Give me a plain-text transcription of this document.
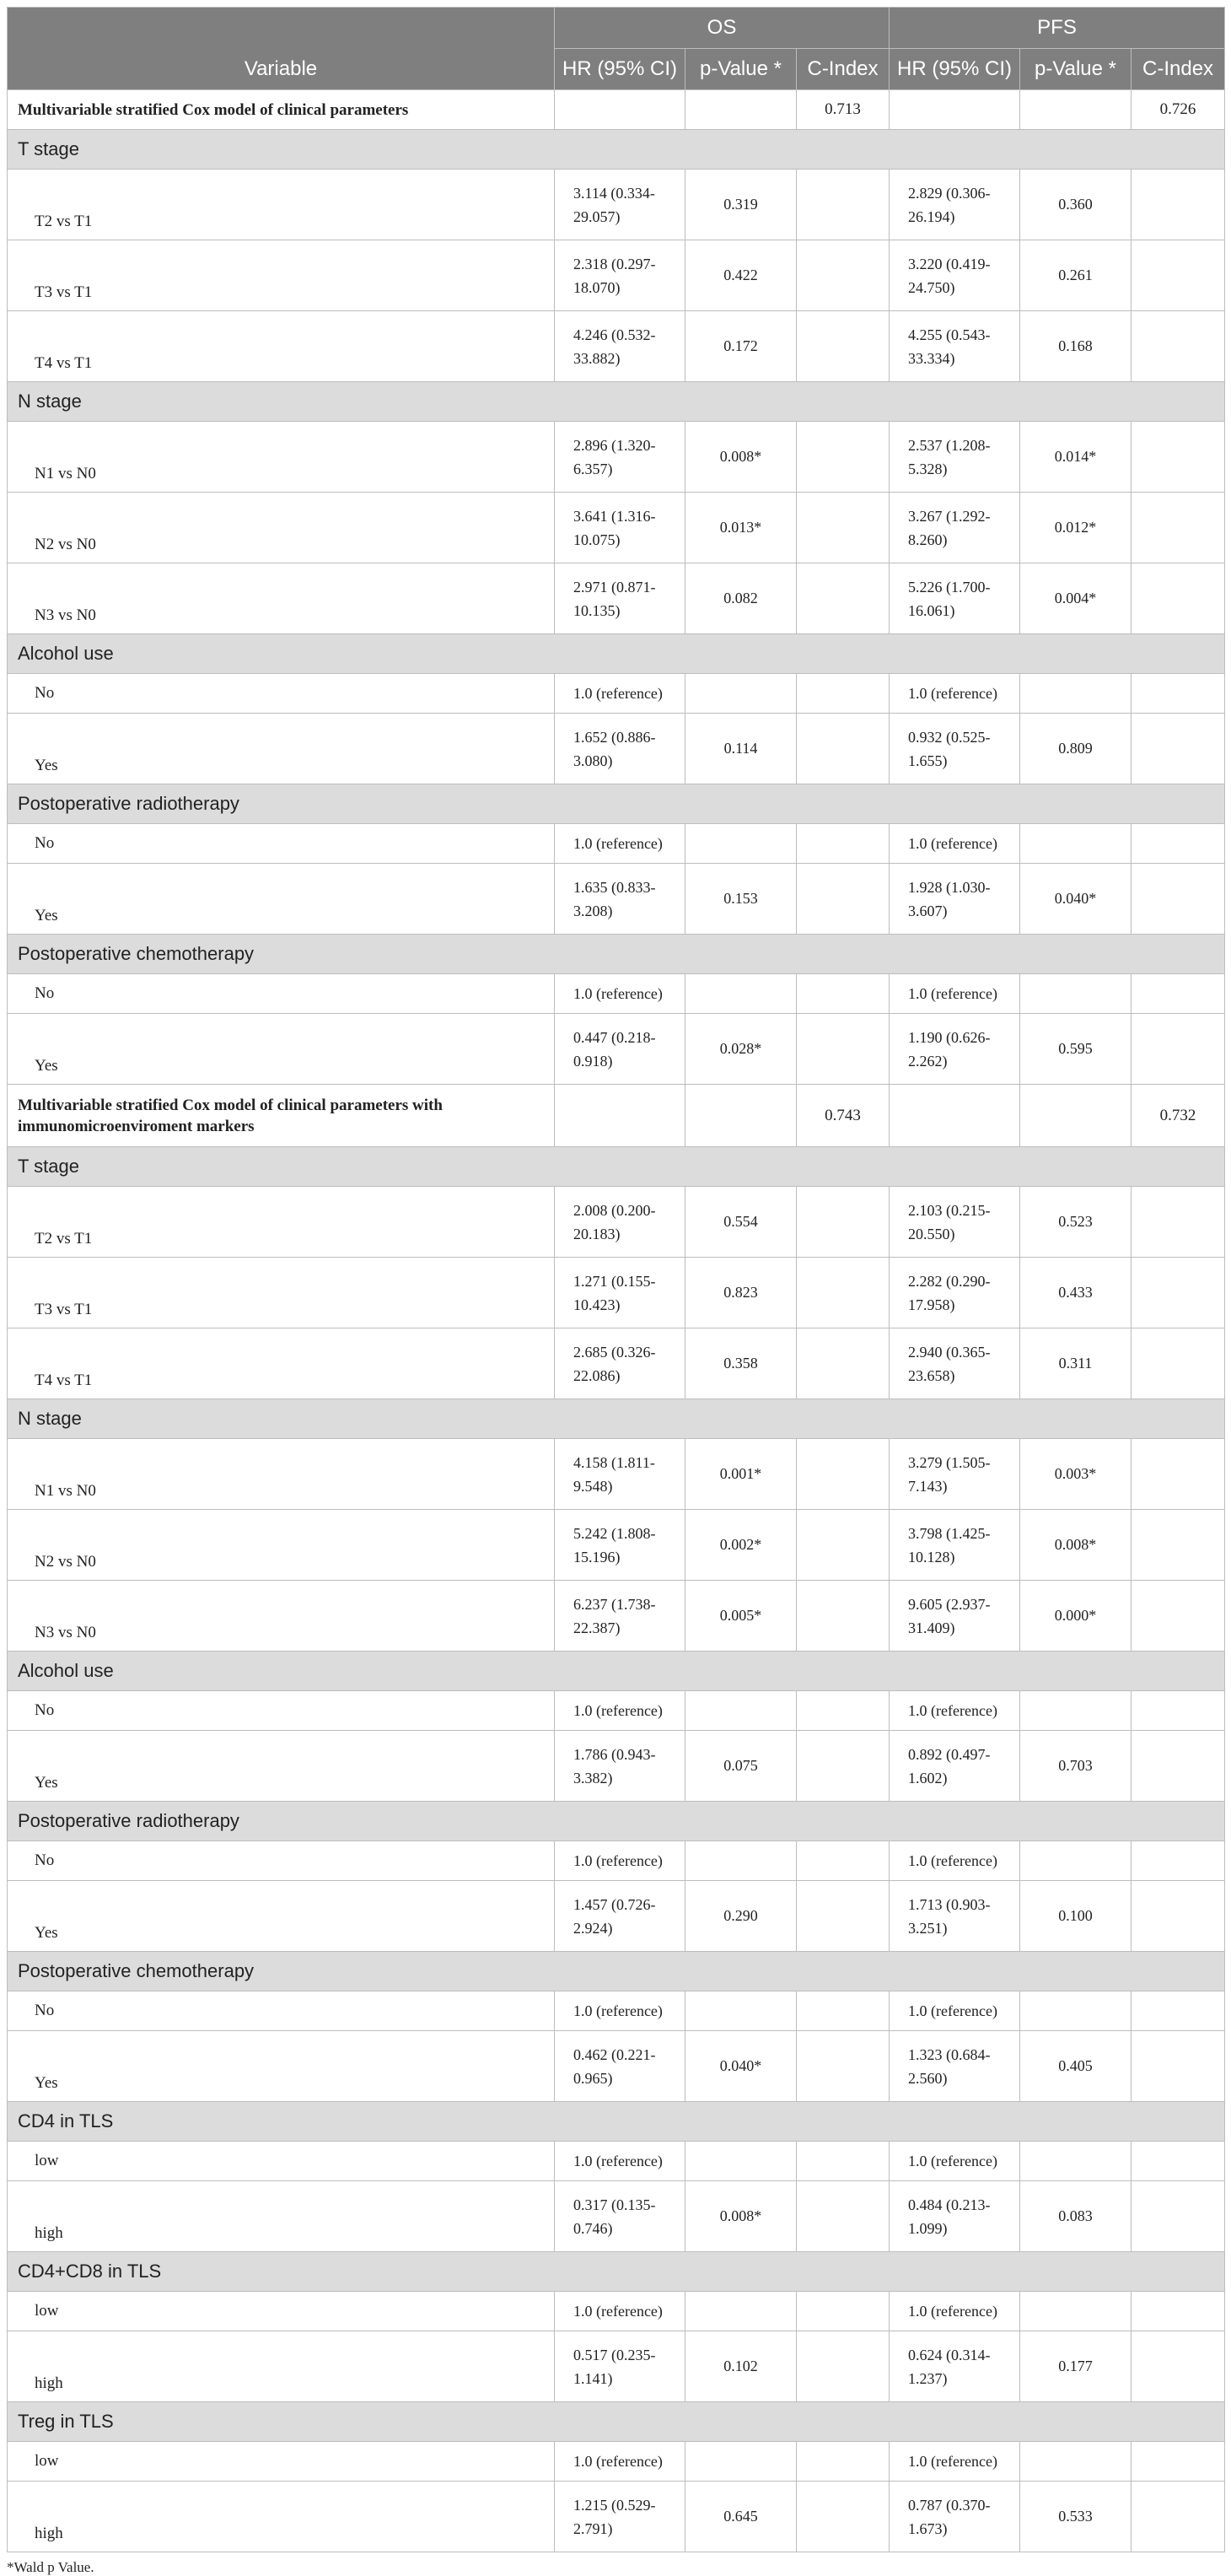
Variable	OS			PFS		
	HR (95% CI)	p-Value *	C-Index	HR (95% CI)	p-Value *	C-Index
Multivariable stratified Cox model of clinical parameters			0.713			0.726
T stage						
T2 vs T1	3.114 (0.334-
29.057)	0.319		2.829 (0.306-
26.194)	0.360	
T3 vs T1	2.318 (0.297-
18.070)	0.422		3.220 (0.419-
24.750)	0.261	
T4 vs T1	4.246 (0.532-
33.882)	0.172		4.255 (0.543-
33.334)	0.168	
N stage						
N1 vs N0	2.896 (1.320-
6.357)	0.008*		2.537 (1.208-
5.328)	0.014*	
N2 vs N0	3.641 (1.316-
10.075)	0.013*		3.267 (1.292-
8.260)	0.012*	
N3 vs N0	2.971 (0.871-
10.135)	0.082		5.226 (1.700-
16.061)	0.004*	
Alcohol use						
No	1.0 (reference)			1.0 (reference)		
Yes	1.652 (0.886-
3.080)	0.114		0.932 (0.525-
1.655)	0.809	
Postoperative radiotherapy						
No	1.0 (reference)			1.0 (reference)		
Yes	1.635 (0.833-
3.208)	0.153		1.928 (1.030-
3.607)	0.040*	
Postoperative chemotherapy						
No	1.0 (reference)			1.0 (reference)		
Yes	0.447 (0.218-
0.918)	0.028*		1.190 (0.626-
2.262)	0.595	
Multivariable stratified Cox model of clinical parameters with
immunomicroenviroment markers			0.743			0.732
T stage						
T2 vs T1	2.008 (0.200-
20.183)	0.554		2.103 (0.215-
20.550)	0.523	
T3 vs T1	1.271 (0.155-
10.423)	0.823		2.282 (0.290-
17.958)	0.433	
T4 vs T1	2.685 (0.326-
22.086)	0.358		2.940 (0.365-
23.658)	0.311	
N stage						
N1 vs N0	4.158 (1.811-
9.548)	0.001*		3.279 (1.505-
7.143)	0.003*	
N2 vs N0	5.242 (1.808-
15.196)	0.002*		3.798 (1.425-
10.128)	0.008*	
N3 vs N0	6.237 (1.738-
22.387)	0.005*		9.605 (2.937-
31.409)	0.000*	
Alcohol use						
No	1.0 (reference)			1.0 (reference)		
Yes	1.786 (0.943-
3.382)	0.075		0.892 (0.497-
1.602)	0.703	
Postoperative radiotherapy						
No	1.0 (reference)			1.0 (reference)		
Yes	1.457 (0.726-
2.924)	0.290		1.713 (0.903-
3.251)	0.100	
Postoperative chemotherapy						
No	1.0 (reference)			1.0 (reference)		
Yes	0.462 (0.221-
0.965)	0.040*		1.323 (0.684-
2.560)	0.405	
CD4 in TLS						
low	1.0 (reference)			1.0 (reference)		
high	0.317 (0.135-
0.746)	0.008*		0.484 (0.213-
1.099)	0.083	
CD4+CD8 in TLS						
low	1.0 (reference)			1.0 (reference)		
high	0.517 (0.235-
1.141)	0.102		0.624 (0.314-
1.237)	0.177	
Treg in TLS						
low	1.0 (reference)			1.0 (reference)		
high	1.215 (0.529-
2.791)	0.645		0.787 (0.370-
1.673)	0.533	
*Wald p Value.
